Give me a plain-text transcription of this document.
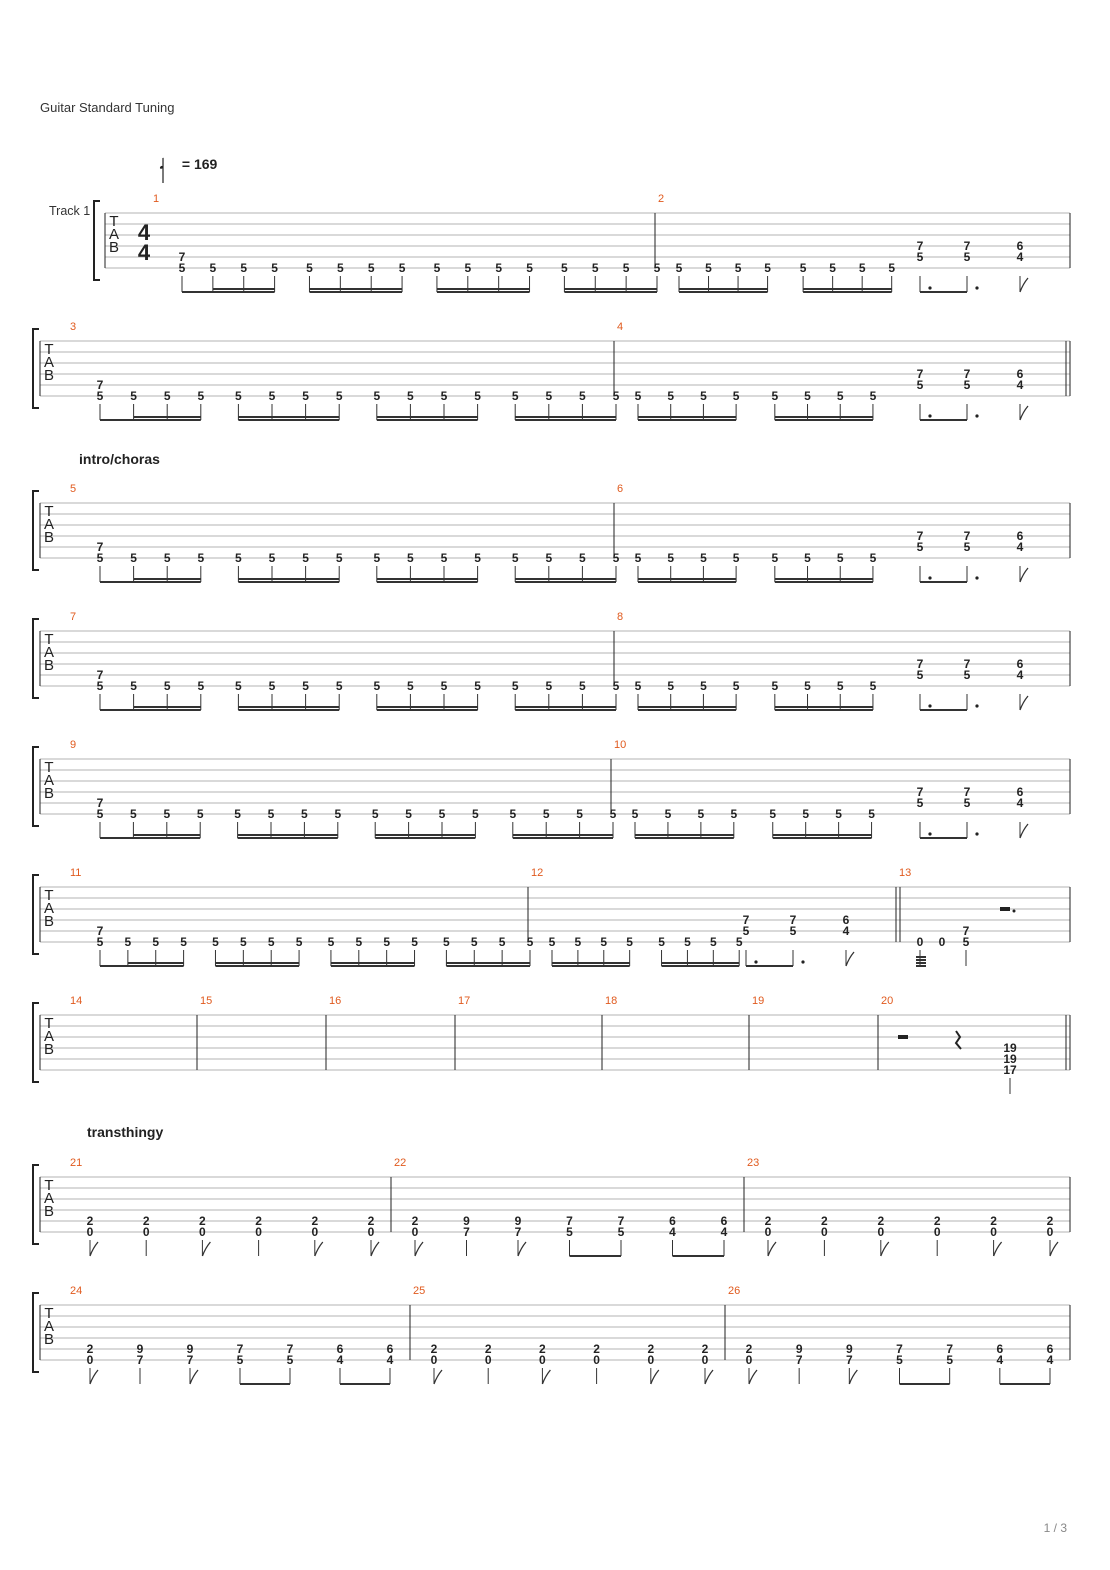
Guitar Standard Tuning
Track 1
♩ = 169
intro/choras
transthingy
1 / 3
T
A
B
4
4
1
7
5 5 5 5 5 5 5 5 5 5 5 5 5 5 5 5
2
5 5 5 5 5 5 5 5
7
5
7
5
6
4
T
A
B
3
7
5 5 5 5	5 5 5 5	5 5 5 5	5 5 5 5
4
5 5 5 5	5 5 5 5
7
5
7
5
6
4
T
A
B
5
7
5 5 5 5	5 5 5 5	5 5 5 5	5 5 5 5
6
5 5 5 5	5 5 5 5
7
5
7
5
6
4
T
A
B
7
7
5 5 5 5	5 5 5 5	5 5 5 5	5 5 5 5
8
5 5 5 5	5 5 5 5
7
5
7
5
6
4
T
A
B
9
7
5 5 5 5	5 5 5 5	5 5 5 5	5 5 5 5
10
5 5 5 5	5 5 5 5
7
5
7
5
6
4
T
A
B
11
7
5 5 5 5 5 5 5 5 5 5 5 5 5 5 5 5
12
5 5 5 5 5 5 5 5
7
5
7
5
6
4
13
0 0
7
5
T
A
B
14	15	16	17	18	19	20
19
19
17
T
A
B
21
2
0
2
0
2
0
2
0
2
0
2
0
22
2
0
9
7
9
7
7
5
7
5
6
4
6
4
23
2
0
2
0
2
0
2
0
2
0
2
0
T
A
B
24
2
0
9
7
9
7
7
5
7
5
6
4
6
4
25
2
0
2
0
2
0
2
0
2
0
2
0
26
2
0
9
7
9
7
7
5
7
5
6
4
6
4
